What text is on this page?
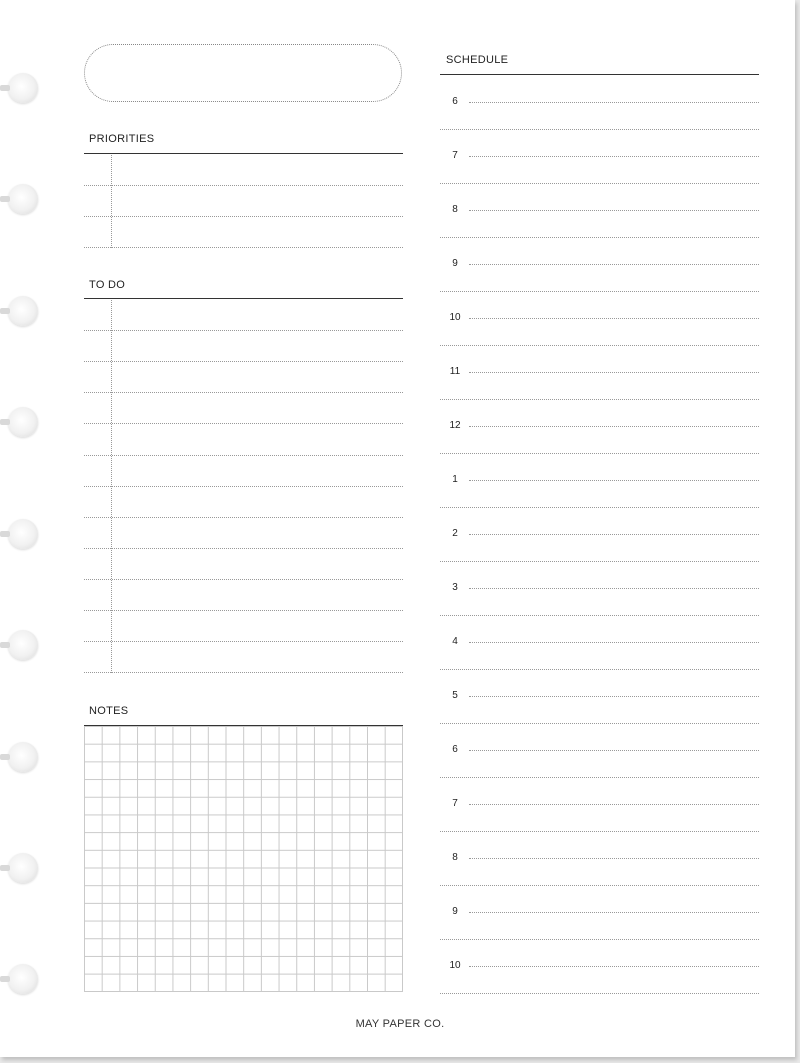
PRIORITIES
TO DO
NOTES
SCHEDULE
6
7
8
9
10
11
12
1
2
3
4
5
6
7
8
9
10
MAY PAPER CO.
